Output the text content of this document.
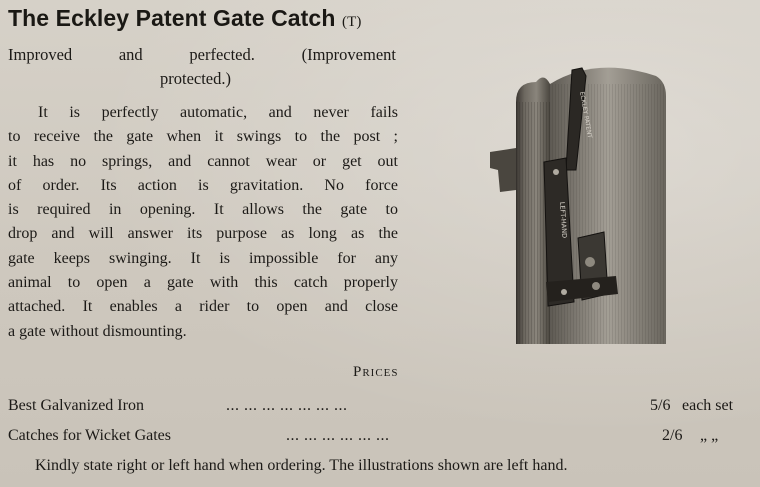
The Eckley Patent Gate Catch (T)
Improved	and	perfected.	(Improvement
protected.)
It is perfectly automatic, and never fails
to receive the gate when it swings to the post ;
it has no springs, and cannot wear or get out
of order. Its action is gravitation. No force
is required in opening. It allows the gate to
drop and will answer its purpose as long as the
gate keeps swinging. It is impossible for any
animal to open a gate with this catch properly
attached. It enables a rider to open and close
a gate without dismounting.
ECKLEY PATENT
LEFT-HAND
Prices
Best Galvanized Iron	... ... ... ... ... ... ...	5/6 each set
Catches for Wicket Gates	... ... ... ... ... ...	2/6 „ „
Kindly state right or left hand when ordering. The illustrations shown are left hand.
